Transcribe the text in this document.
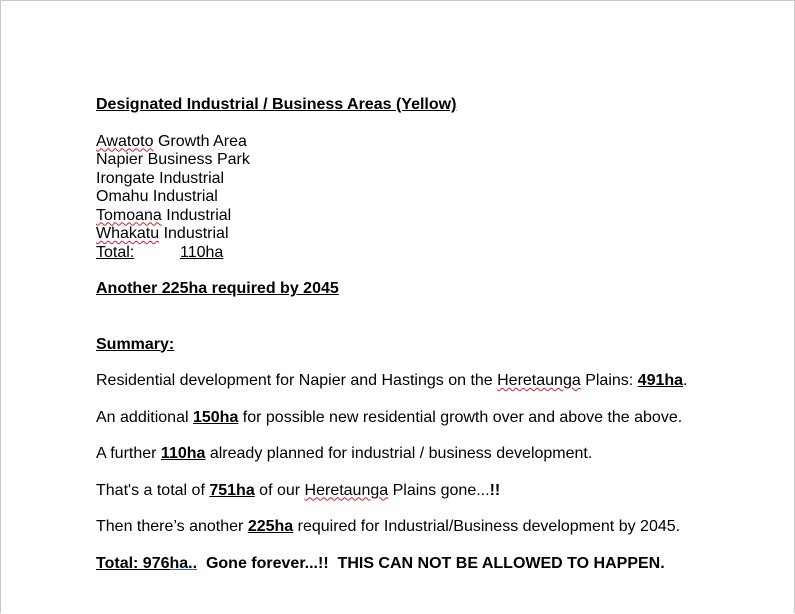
Designated Industrial / Business Areas (Yellow)

Awatoto Growth Area

Napier Business Park

Irongate Industrial

Omahu Industrial

Tomoana Industrial

Whakatu Industrial

Total:	110ha

Another 225ha required by 2045

Summary:

Residential development for Napier and Hastings on the Heretaunga Plains: 491ha.

An additional 150ha for possible new residential growth over and above the above.

A further 110ha already planned for industrial / business development.

That's a total of 751ha of our Heretaunga Plains gone...!!

Then there’s another 225ha required for Industrial/Business development by 2045.

Total: 976ha..  Gone forever...!!  THIS CAN NOT BE ALLOWED TO HAPPEN.
